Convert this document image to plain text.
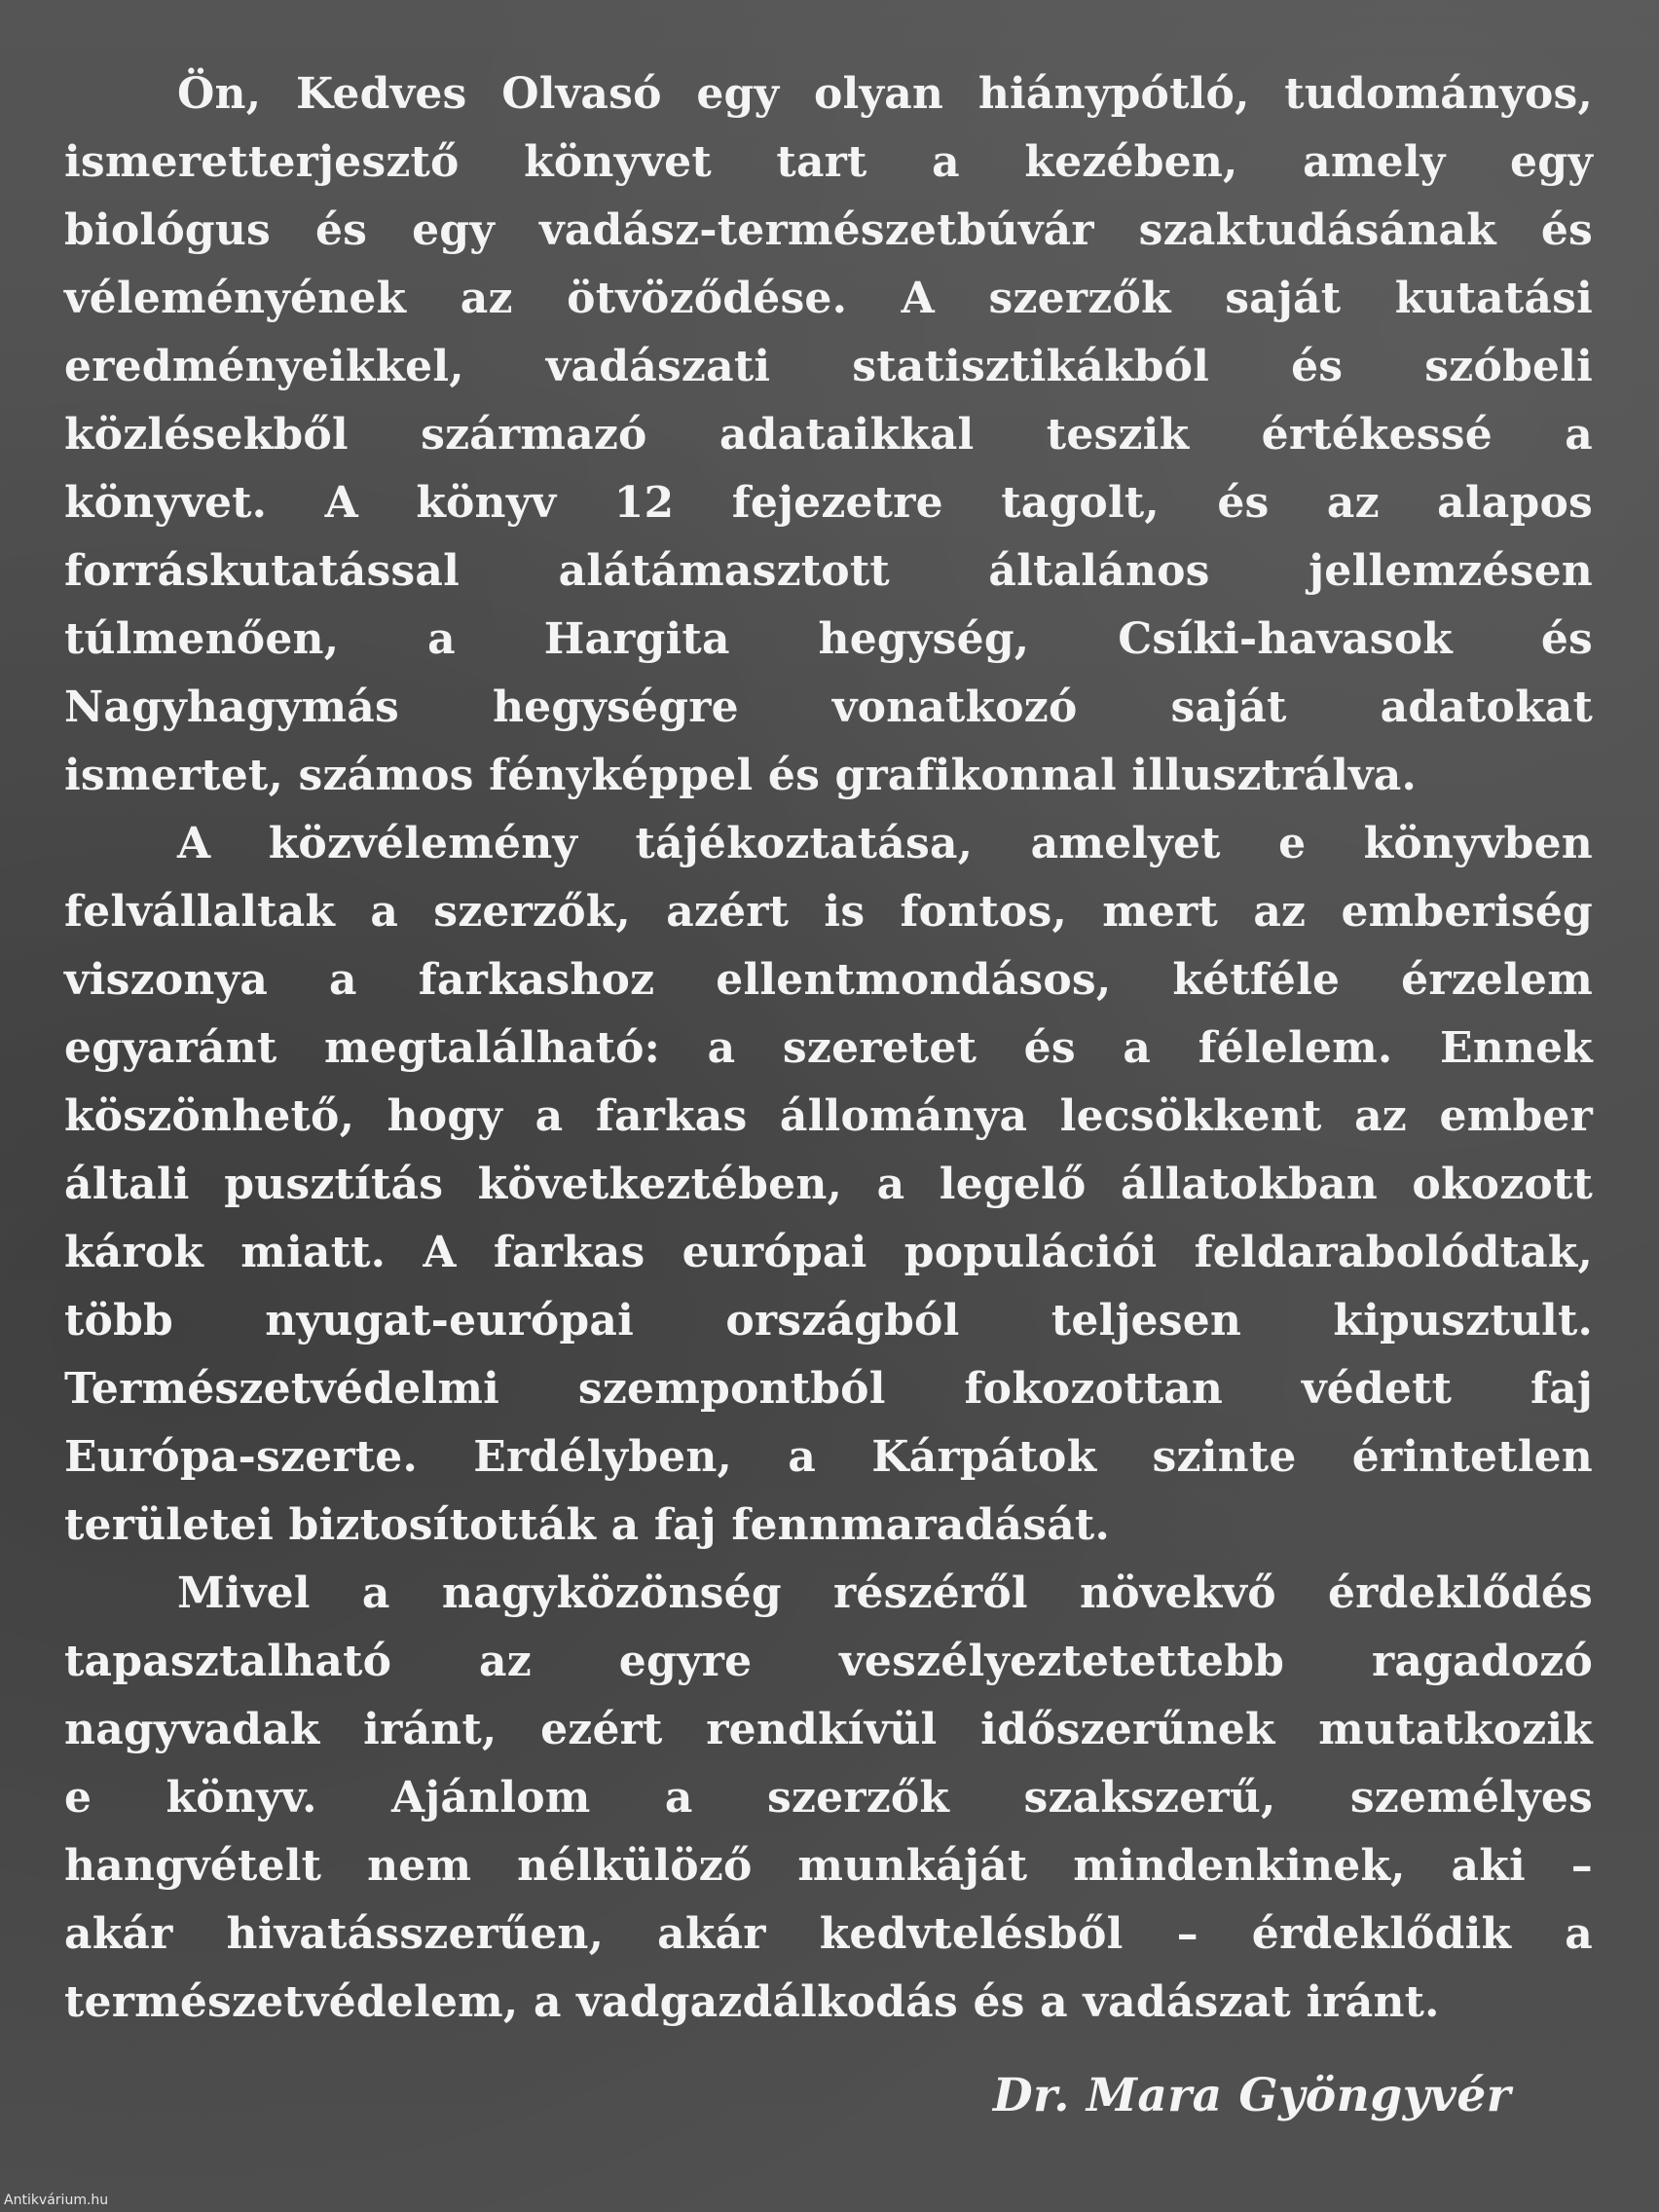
Ön, Kedves Olvasó egy olyan hiánypótló, tudományos,
ismeretterjesztő könyvet tart a kezében, amely egy
biológus és egy vadász-természetbúvár szaktudásának és
véleményének az ötvöződése. A szerzők saját kutatási
eredményeikkel, vadászati statisztikákból és szóbeli
közlésekből származó adataikkal teszik értékessé a
könyvet. A könyv 12 fejezetre tagolt, és az alapos
forráskutatással alátámasztott általános jellemzésen
túlmenően, a Hargita hegység, Csíki-havasok és
Nagyhagymás hegységre vonatkozó saját adatokat
ismertet, számos fényképpel és grafikonnal illusztrálva.
A közvélemény tájékoztatása, amelyet e könyvben
felvállaltak a szerzők, azért is fontos, mert az emberiség
viszonya a farkashoz ellentmondásos, kétféle érzelem
egyaránt megtalálható: a szeretet és a félelem. Ennek
köszönhető, hogy a farkas állománya lecsökkent az ember
általi pusztítás következtében, a legelő állatokban okozott
károk miatt. A farkas európai populációi feldarabolódtak,
több nyugat-európai országból teljesen kipusztult.
Természetvédelmi szempontból fokozottan védett faj
Európa-szerte. Erdélyben, a Kárpátok szinte érintetlen
területei biztosították a faj fennmaradását.
Mivel a nagyközönség részéről növekvő érdeklődés
tapasztalható az egyre veszélyeztetettebb ragadozó
nagyvadak iránt, ezért rendkívül időszerűnek mutatkozik
e könyv. Ajánlom a szerzők szakszerű, személyes
hangvételt nem nélkülöző munkáját mindenkinek, aki –
akár hivatásszerűen, akár kedvtelésből – érdeklődik a
természetvédelem, a vadgazdálkodás és a vadászat iránt.
Dr. Mara Gyöngyvér
Antikvárium.hu
